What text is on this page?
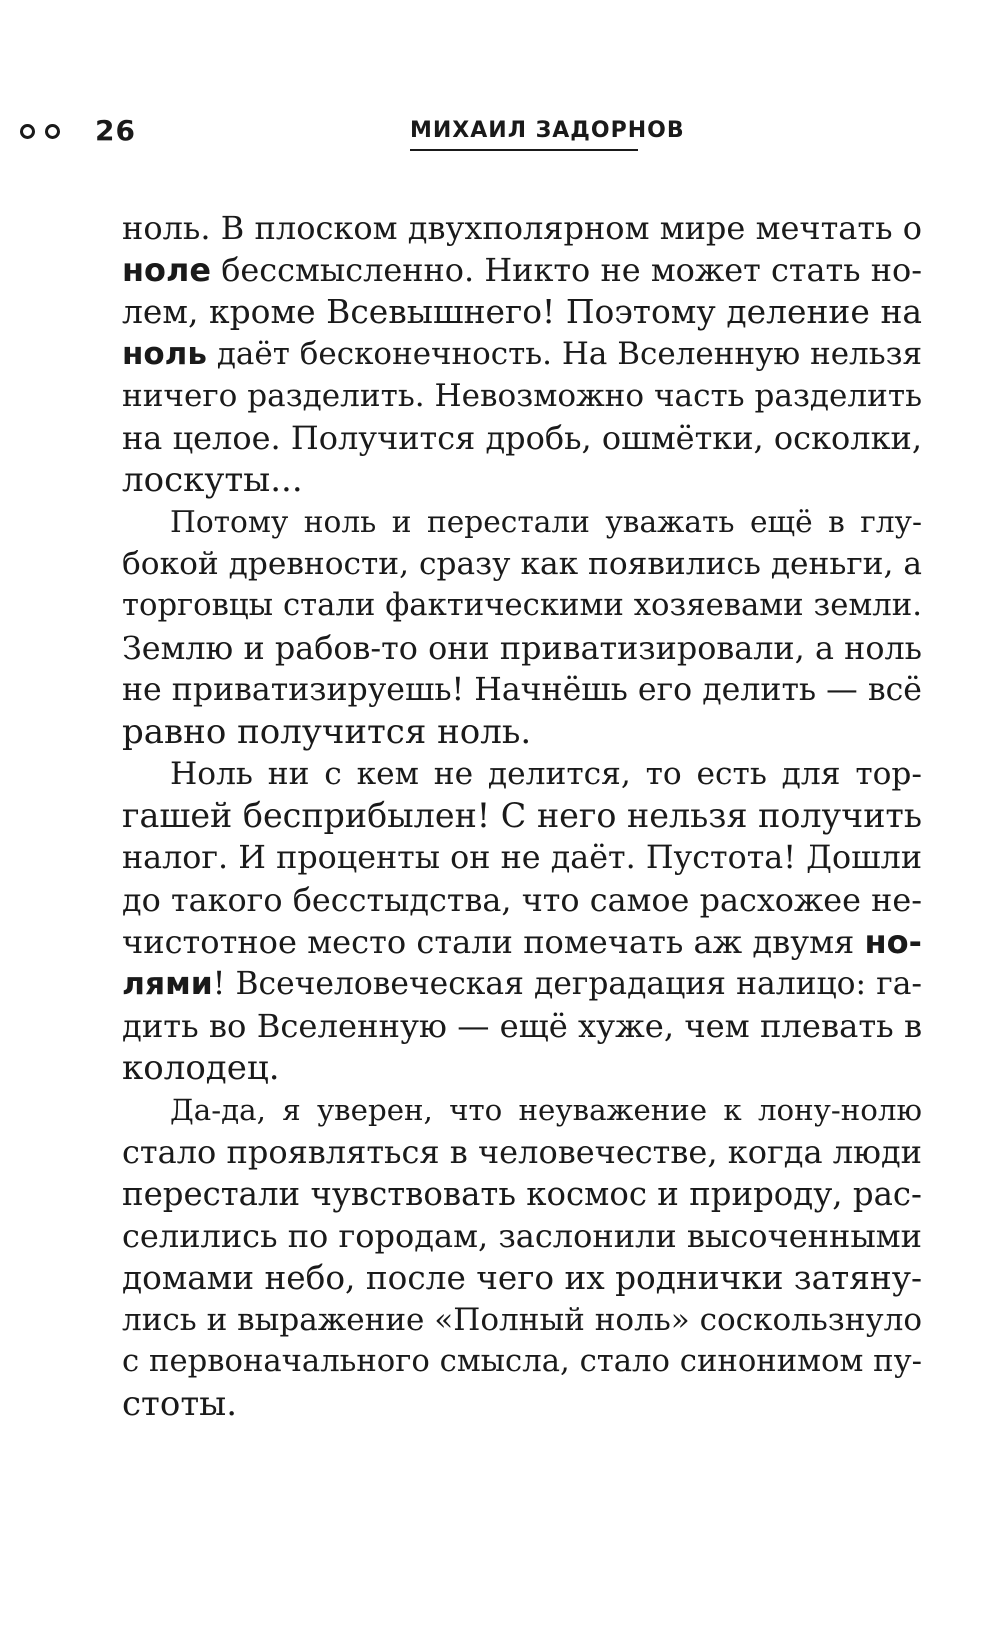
26	МИХАИЛ ЗАДОРНОВ
ноль. В плоском двухполярном мире мечтать о
ноле бессмысленно. Никто не может стать но-
лем, кроме Всевышнего! Поэтому деление на
ноль даёт бесконечность. На Вселенную нельзя
ничего разделить. Невозможно часть разделить
на целое. Получится дробь, ошмётки, осколки,
лоскуты...
Потому ноль и перестали уважать ещё в глу-
бокой древности, сразу как появились деньги, а
торговцы стали фактическими хозяевами земли.
Землю и рабов-то они приватизировали, а ноль
не приватизируешь! Начнёшь его делить — всё
равно получится ноль.
Ноль ни с кем не делится, то есть для тор-
гашей бесприбылен! С него нельзя получить
налог. И проценты он не даёт. Пустота! Дошли
до такого бесстыдства, что самое расхожее не-
чистотное место стали помечать аж двумя но-
лями! Всечеловеческая деградация налицо: га-
дить во Вселенную — ещё хуже, чем плевать в
колодец.
Да-да, я уверен, что неуважение к лону-нолю
стало проявляться в человечестве, когда люди
перестали чувствовать космос и природу, рас-
селились по городам, заслонили высоченными
домами небо, после чего их роднички затяну-
лись и выражение «Полный ноль» соскользнуло
с первоначального смысла, стало синонимом пу-
стоты.
